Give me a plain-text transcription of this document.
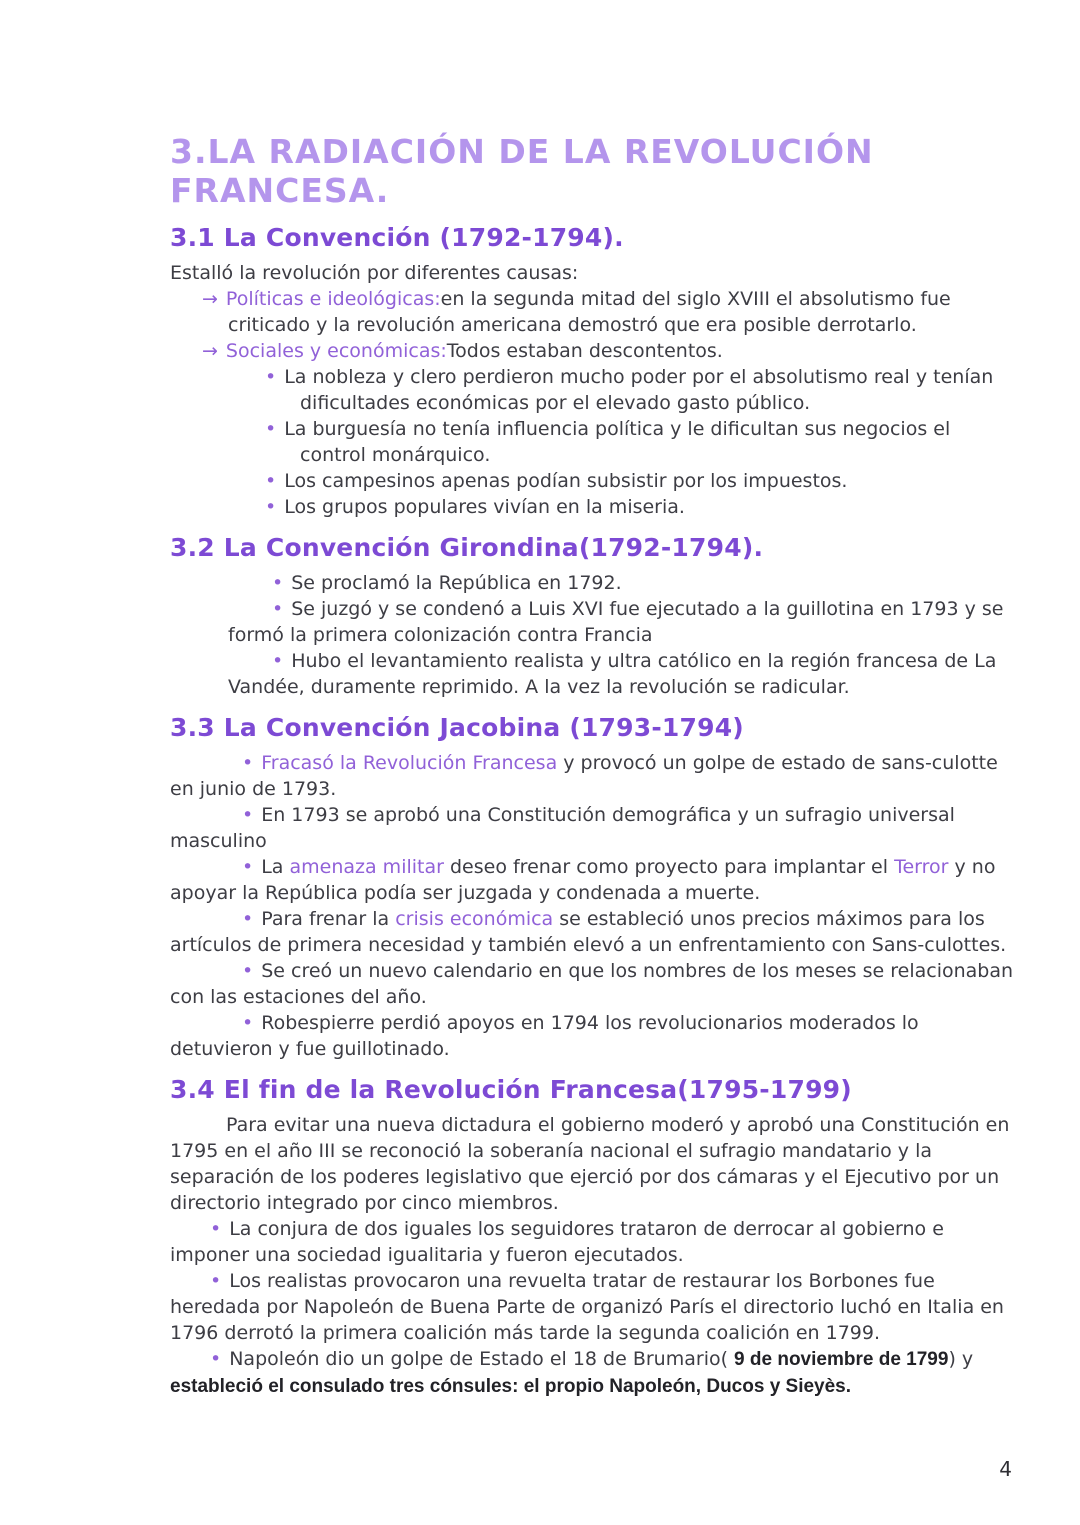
3.LA RADIACIÓN DE LA REVOLUCIÓN FRANCESA.
3.1 La Convención (1792-1794).

Estalló la revolución por diferentes causas:

→ Políticas e ideológicas:en la segunda mitad del siglo XVIII el absolutismo fue criticado y la revolución americana demostró que era posible derrotarlo.

→ Sociales y económicas:Todos estaban descontentos.

• La nobleza y clero perdieron mucho poder por el absolutismo real y tenían dificultades económicas por el elevado gasto público.

• La burguesía no tenía influencia política y le dificultan sus negocios el control monárquico.

• Los campesinos apenas podían subsistir por los impuestos.

• Los grupos populares vivían en la miseria.

3.2 La Convención Girondina(1792-1794).

• Se proclamó la República en 1792.

• Se juzgó y se condenó a Luis XVI fue ejecutado a la guillotina en 1793 y se formó la primera colonización contra Francia

• Hubo el levantamiento realista y ultra católico en la región francesa de La Vandée, duramente reprimido. A la vez la revolución se radicular.

3.3 La Convención Jacobina (1793-1794)

• Fracasó la Revolución Francesa y provocó un golpe de estado de sans-culotte en junio de 1793.

• En 1793 se aprobó una Constitución demográfica y un sufragio universal masculino

• La amenaza militar deseo frenar como proyecto para implantar el Terror y no apoyar la República podía ser juzgada y condenada a muerte.

• Para frenar la crisis económica se estableció unos precios máximos para los artículos de primera necesidad y también elevó a un enfrentamiento con Sans-culottes.

• Se creó un nuevo calendario en que los nombres de los meses se relacionaban con las estaciones del año.

• Robespierre perdió apoyos en 1794 los revolucionarios moderados lo detuvieron y fue guillotinado.

3.4 El fin de la Revolución Francesa(1795-1799)

Para evitar una nueva dictadura el gobierno moderó y aprobó una Constitución en 1795 en el año III se reconoció la soberanía nacional el sufragio mandatario y la separación de los poderes legislativo que ejerció por dos cámaras y el Ejecutivo por un directorio integrado por cinco miembros.

• La conjura de dos iguales los seguidores trataron de derrocar al gobierno e imponer una sociedad igualitaria y fueron ejecutados.

• Los realistas provocaron una revuelta tratar de restaurar los Borbones fue heredada por Napoleón de Buena Parte de organizó París el directorio luchó en Italia en 1796 derrotó la primera coalición más tarde la segunda coalición en 1799.

• Napoleón dio un golpe de Estado el 18 de Brumario( 9 de noviembre de 1799) y estableció el consulado tres cónsules: el propio Napoleón, Ducos y Sieyès.

4
